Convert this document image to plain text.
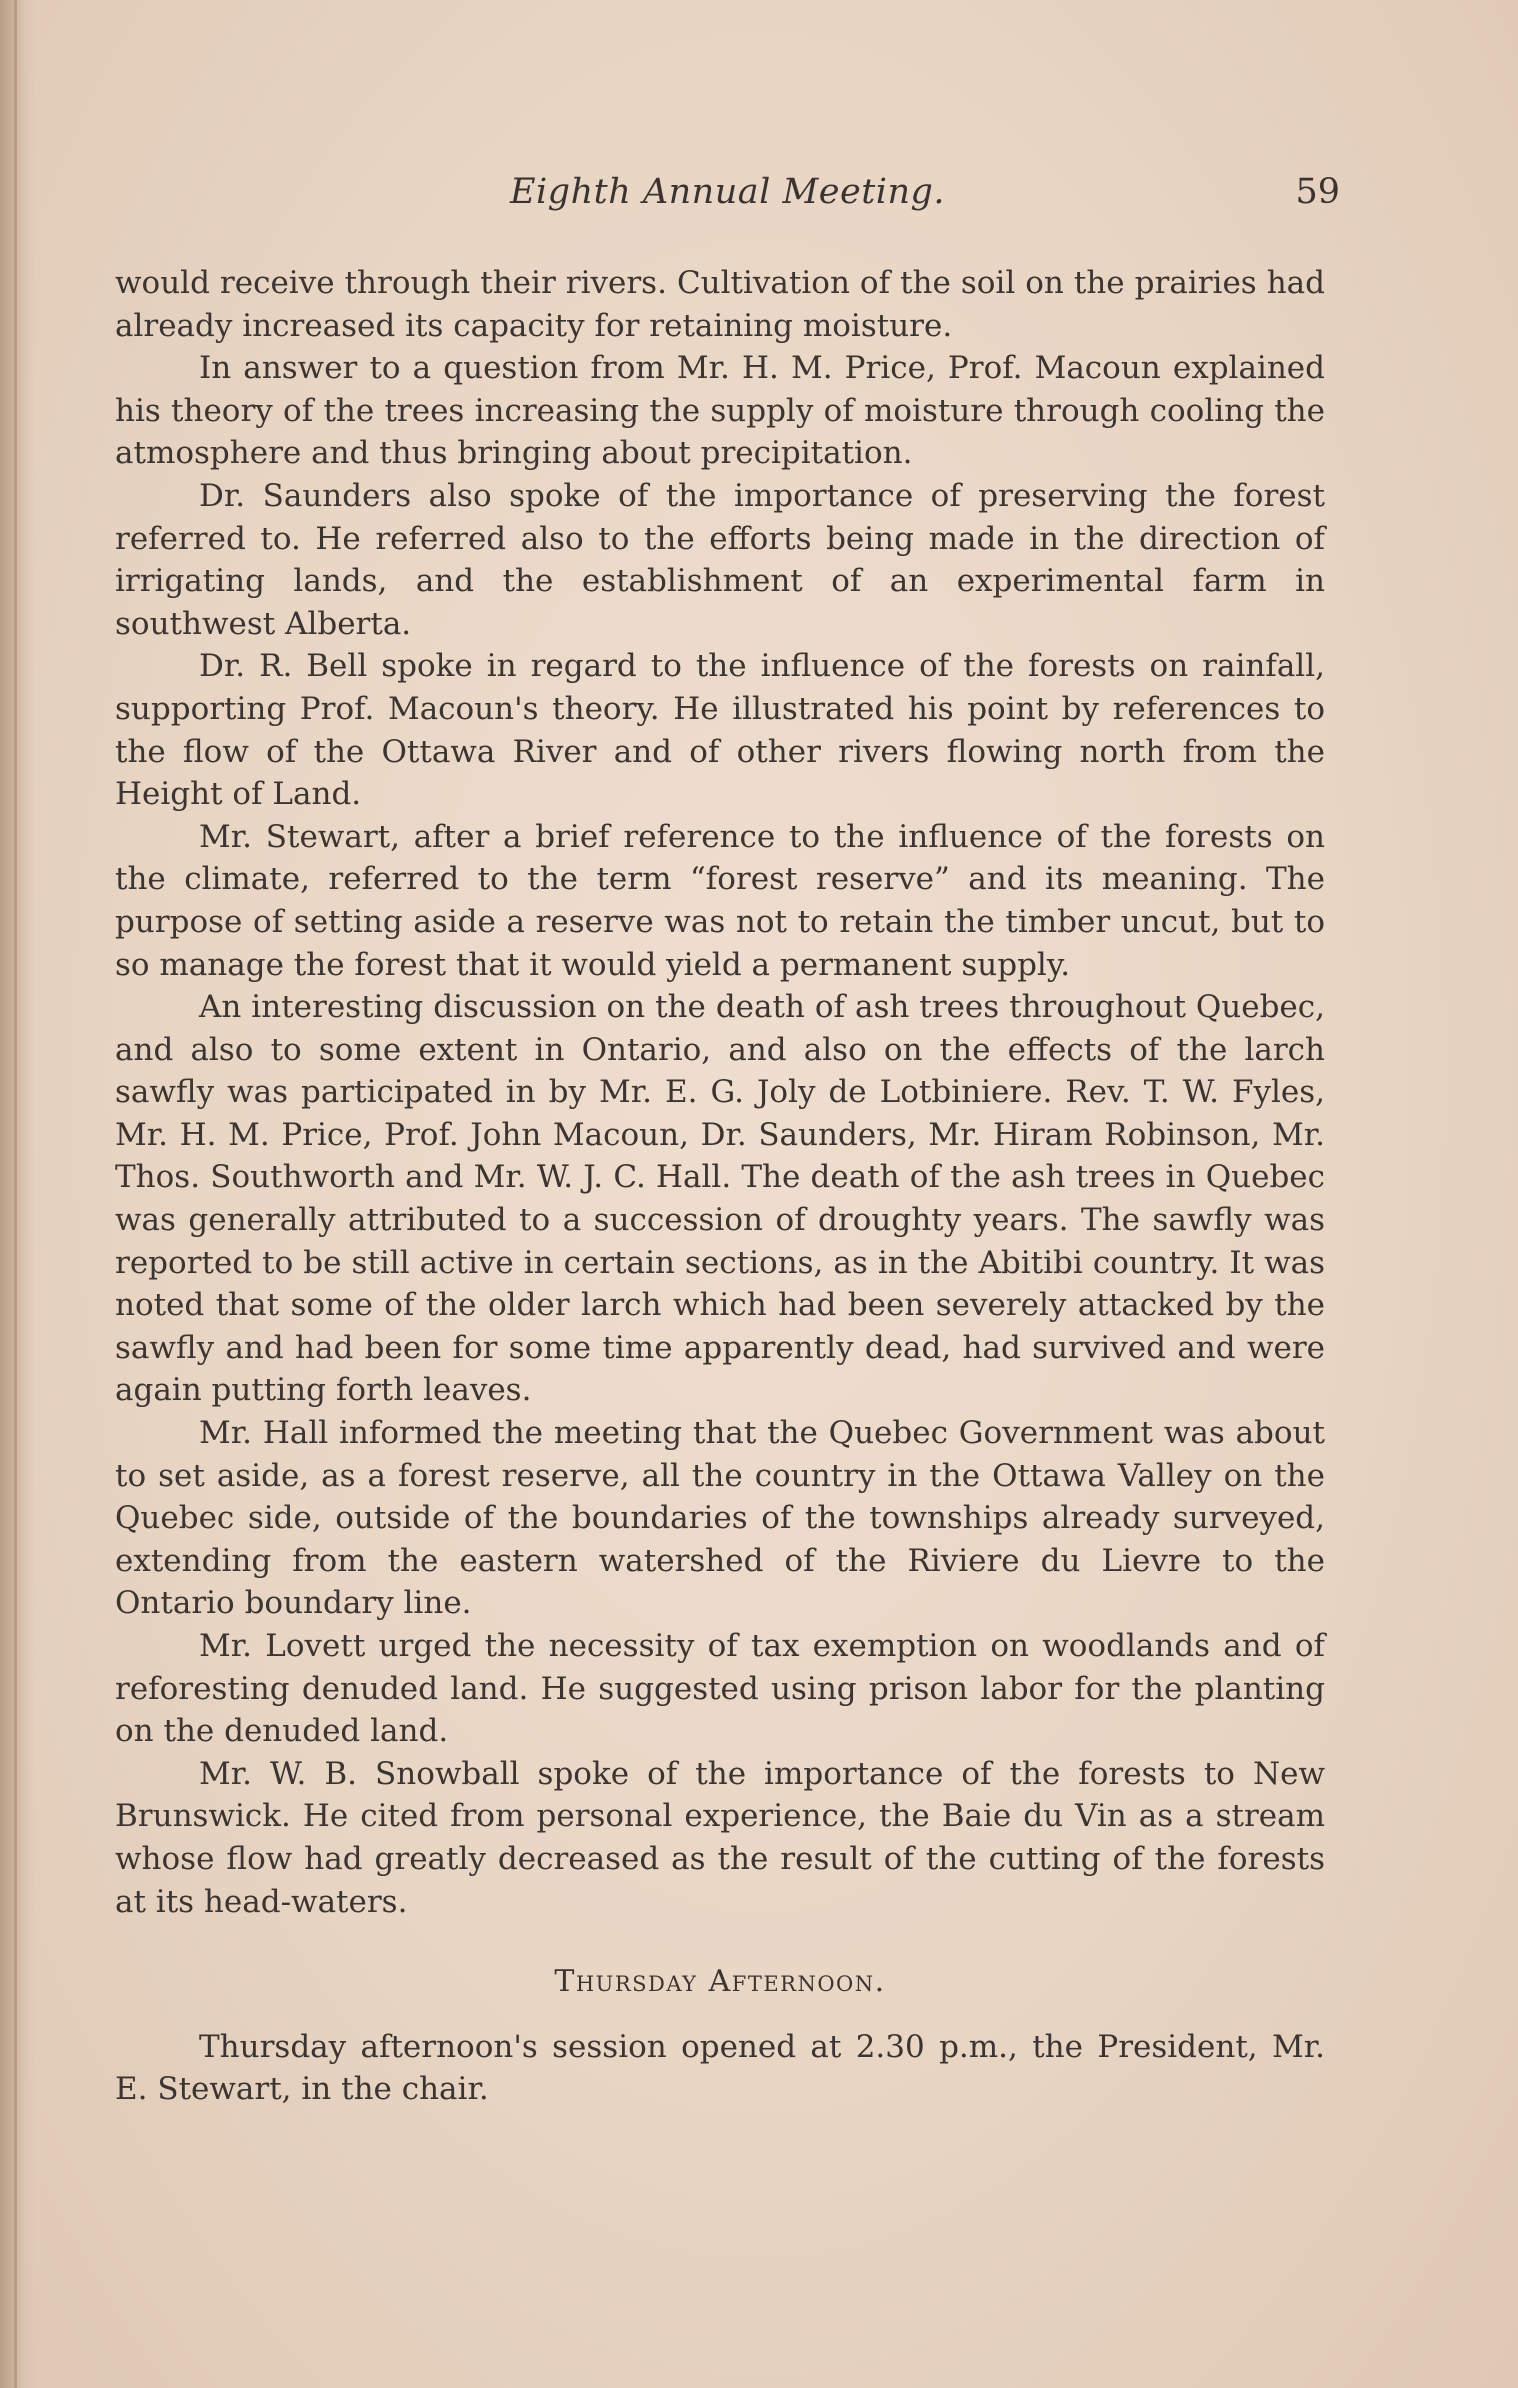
Eighth Annual Meeting.	59

would receive through their rivers. Cultivation of the soil on the prairies had already increased its capacity for retaining moisture.

In answer to a question from Mr. H. M. Price, Prof. Macoun explained his theory of the trees increasing the supply of moisture through cooling the atmosphere and thus bringing about precipitation.

Dr. Saunders also spoke of the importance of preserving the forest referred to. He referred also to the efforts being made in the direction of irrigating lands, and the establishment of an experimental farm in southwest Alberta.

Dr. R. Bell spoke in regard to the influence of the forests on rainfall, supporting Prof. Macoun's theory. He illustrated his point by references to the flow of the Ottawa River and of other rivers flowing north from the Height of Land.

Mr. Stewart, after a brief reference to the influence of the forests on the climate, referred to the term “forest reserve” and its meaning. The purpose of setting aside a reserve was not to retain the timber uncut, but to so manage the forest that it would yield a permanent supply.

An interesting discussion on the death of ash trees throughout Quebec, and also to some extent in Ontario, and also on the effects of the larch sawfly was participated in by Mr. E. G. Joly de Lotbiniere. Rev. T. W. Fyles, Mr. H. M. Price, Prof. John Macoun, Dr. Saunders, Mr. Hiram Robinson, Mr. Thos. Southworth and Mr. W. J. C. Hall. The death of the ash trees in Quebec was generally attributed to a succession of droughty years. The sawfly was reported to be still active in certain sections, as in the Abitibi country. It was noted that some of the older larch which had been severely attacked by the sawfly and had been for some time apparently dead, had survived and were again putting forth leaves.

Mr. Hall informed the meeting that the Quebec Government was about to set aside, as a forest reserve, all the country in the Ottawa Valley on the Quebec side, outside of the boundaries of the townships already surveyed, extending from the eastern watershed of the Riviere du Lievre to the Ontario boundary line.

Mr. Lovett urged the necessity of tax exemption on woodlands and of reforesting denuded land. He suggested using prison labor for the planting on the denuded land.

Mr. W. B. Snowball spoke of the importance of the forests to New Brunswick. He cited from personal experience, the Baie du Vin as a stream whose flow had greatly decreased as the result of the cutting of the forests at its head-waters.

Thursday Afternoon.

Thursday afternoon's session opened at 2.30 p.m., the President, Mr. E. Stewart, in the chair.
